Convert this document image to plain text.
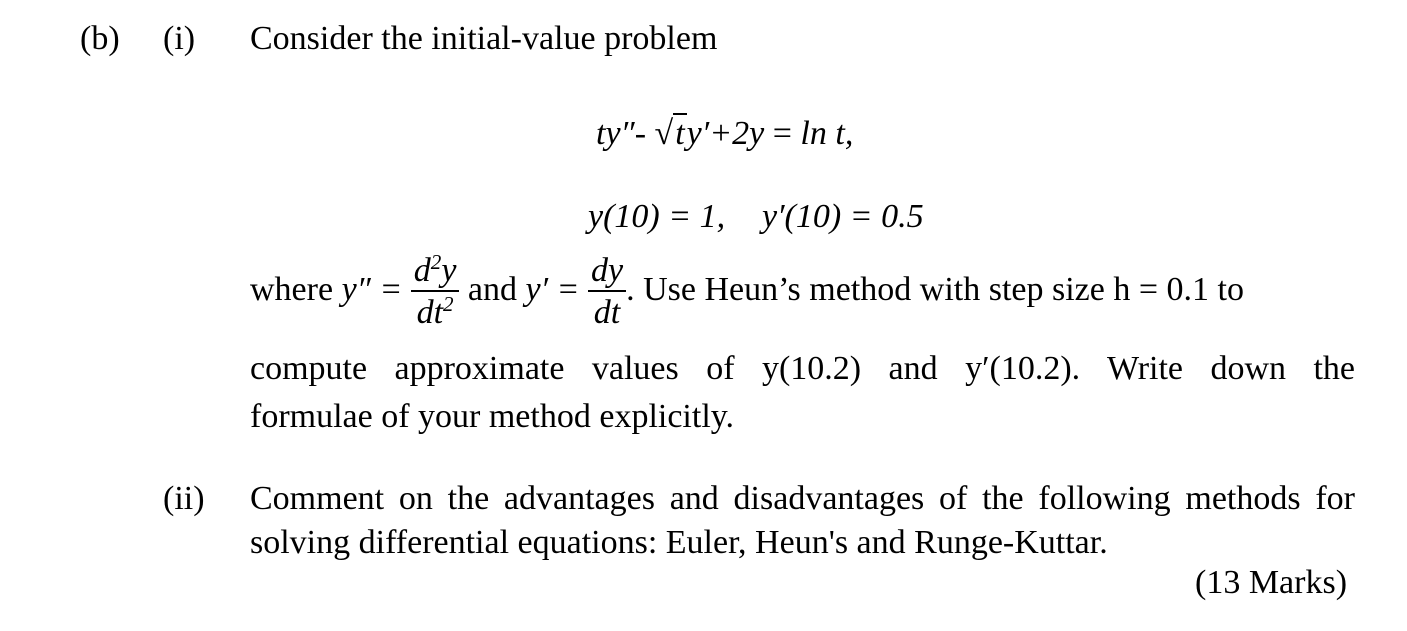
(b) (i) Consider the initial-value problem
ty″- √ty′+2y = ln t,
y(10) = 1, y′(10) = 0.5
where $y'' = \frac{d^2y}{dt^2}$ and $y' = \frac{dy}{dt}$ . Use Heun’s method with step size h = 0.1 to
compute approximate values of y(10.2) and y′(10.2). Write down the
formulae of your method explicitly.
(ii) Comment on the advantages and disadvantages of the following methods for
solving differential equations: Euler, Heun's and Runge-Kuttar.
(13 Marks)
